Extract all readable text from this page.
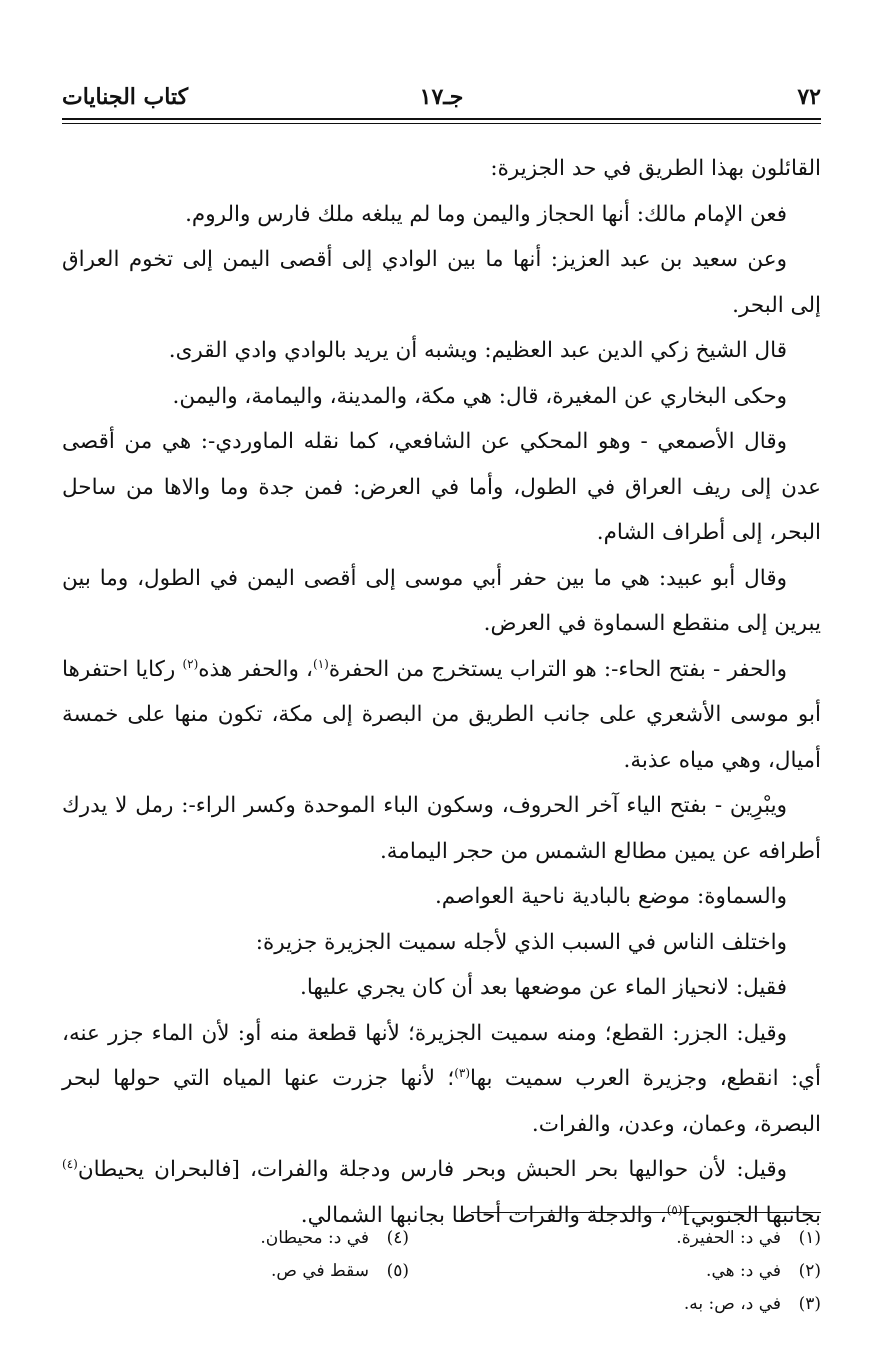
٧٢
جـ١٧
كتاب الجنايات

القائلون بهذا الطريق في حد الجزيرة:

فعن الإمام مالك: أنها الحجاز واليمن وما لم يبلغه ملك فارس والروم.

وعن سعيد بن عبد العزيز: أنها ما بين الوادي إلى أقصى اليمن إلى تخوم العراق إلى البحر.

قال الشيخ زكي الدين عبد العظيم: ويشبه أن يريد بالوادي وادي القرى.

وحكى البخاري عن المغيرة، قال: هي مكة، والمدينة، واليمامة، واليمن.

وقال الأصمعي - وهو المحكي عن الشافعي، كما نقله الماوردي-: هي من أقصى عدن إلى ريف العراق في الطول، وأما في العرض: فمن جدة وما والاها من ساحل البحر، إلى أطراف الشام.

وقال أبو عبيد: هي ما بين حفر أبي موسى إلى أقصى اليمن في الطول، وما بين يبرين إلى منقطع السماوة في العرض.

والحفر - بفتح الحاء-: هو التراب يستخرج من الحفرة$^{(١)}$، والحفر هذه$^{(٢)}$ ركايا احتفرها أبو موسى الأشعري على جانب الطريق من البصرة إلى مكة، تكون منها على خمسة أميال، وهي مياه عذبة.

ويبْرِين - بفتح الياء آخر الحروف، وسكون الباء الموحدة وكسر الراء-: رمل لا يدرك أطرافه عن يمين مطالع الشمس من حجر اليمامة.

والسماوة: موضع بالبادية ناحية العواصم.

واختلف الناس في السبب الذي لأجله سميت الجزيرة جزيرة:

فقيل: لانحياز الماء عن موضعها بعد أن كان يجري عليها.

وقيل: الجزر: القطع؛ ومنه سميت الجزيرة؛ لأنها قطعة منه أو: لأن الماء جزر عنه، أي: انقطع، وجزيرة العرب سميت بها$^{(٣)}$؛ لأنها جزرت عنها المياه التي حولها لبحر البصرة، وعمان، وعدن، والفرات.

وقيل: لأن حواليها بحر الحبش وبحر فارس ودجلة والفرات، [فالبحران يحيطان$^{(٤)}$ بجانبها الجنوبي]$^{(٥)}$، والدجلة والفرات أحاطا بجانبها الشمالي.

(١)في د: الحفيرة.
(٢)في د: هي.
(٣)في د، ص: به.
(٤)في د: محيطان.
(٥)سقط في ص.
